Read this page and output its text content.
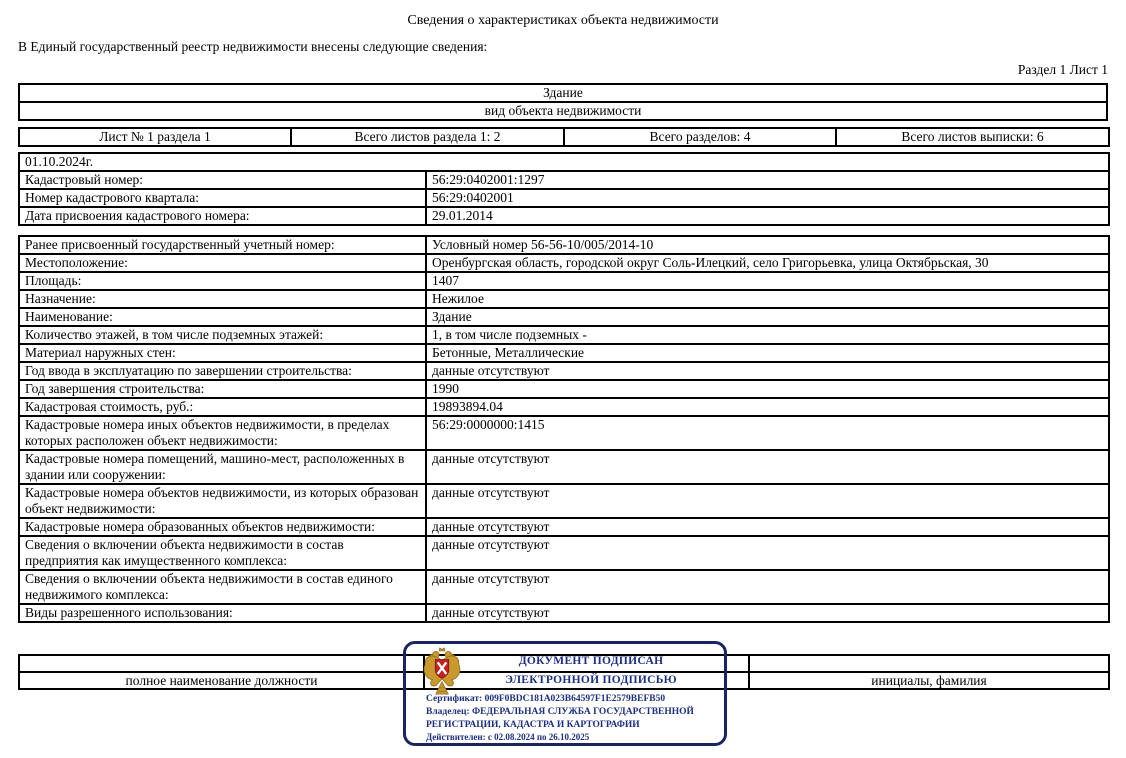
Сведения о характеристиках объекта недвижимости
В Единый государственный реестр недвижимости внесены следующие сведения:
Раздел 1 Лист 1
Здание
вид объекта недвижимости
Лист № 1 раздела 1	Всего листов раздела 1: 2	Всего разделов: 4	Всего листов выписки: 6
01.10.2024г.	
Кадастровый номер:	56:29:0402001:1297
Номер кадастрового квартала:	56:29:0402001
Дата присвоения кадастрового номера:	29.01.2014
Ранее присвоенный государственный учетный номер:	Условный номер 56-56-10/005/2014-10
Местоположение:	Оренбургская область, городской округ Соль-Илецкий, село Григорьевка, улица Октябрьская, 30
Площадь:	1407
Назначение:	Нежилое
Наименование:	Здание
Количество этажей, в том числе подземных этажей:	1, в том числе подземных -
Материал наружных стен:	Бетонные, Металлические
Год ввода в эксплуатацию по завершении строительства:	данные отсутствуют
Год завершения строительства:	1990
Кадастровая стоимость, руб.:	19893894.04
Кадастровые номера иных объектов недвижимости, в пределах которых расположен объект недвижимости:	56:29:0000000:1415
Кадастровые номера помещений, машино-мест, расположенных в здании или сооружении:	данные отсутствуют
Кадастровые номера объектов недвижимости, из которых образован объект недвижимости:	данные отсутствуют
Кадастровые номера образованных объектов недвижимости:	данные отсутствуют
Сведения о включении объекта недвижимости в состав предприятия как имущественного комплекса:	данные отсутствуют
Сведения о включении объекта недвижимости в состав единого недвижимого комплекса:	данные отсутствуют
Виды разрешенного использования:	данные отсутствуют

полное наименование должности		инициалы, фамилия
ДОКУМЕНТ ПОДПИСАН
ЭЛЕКТРОННОЙ ПОДПИСЬЮ
Сертификат: 009F0BDC181A023B64597F1E2579BEFB50
Владелец: ФЕДЕРАЛЬНАЯ СЛУЖБА ГОСУДАРСТВЕННОЙ
РЕГИСТРАЦИИ, КАДАСТРА И КАРТОГРАФИИ
Действителен: с 02.08.2024 по 26.10.2025
